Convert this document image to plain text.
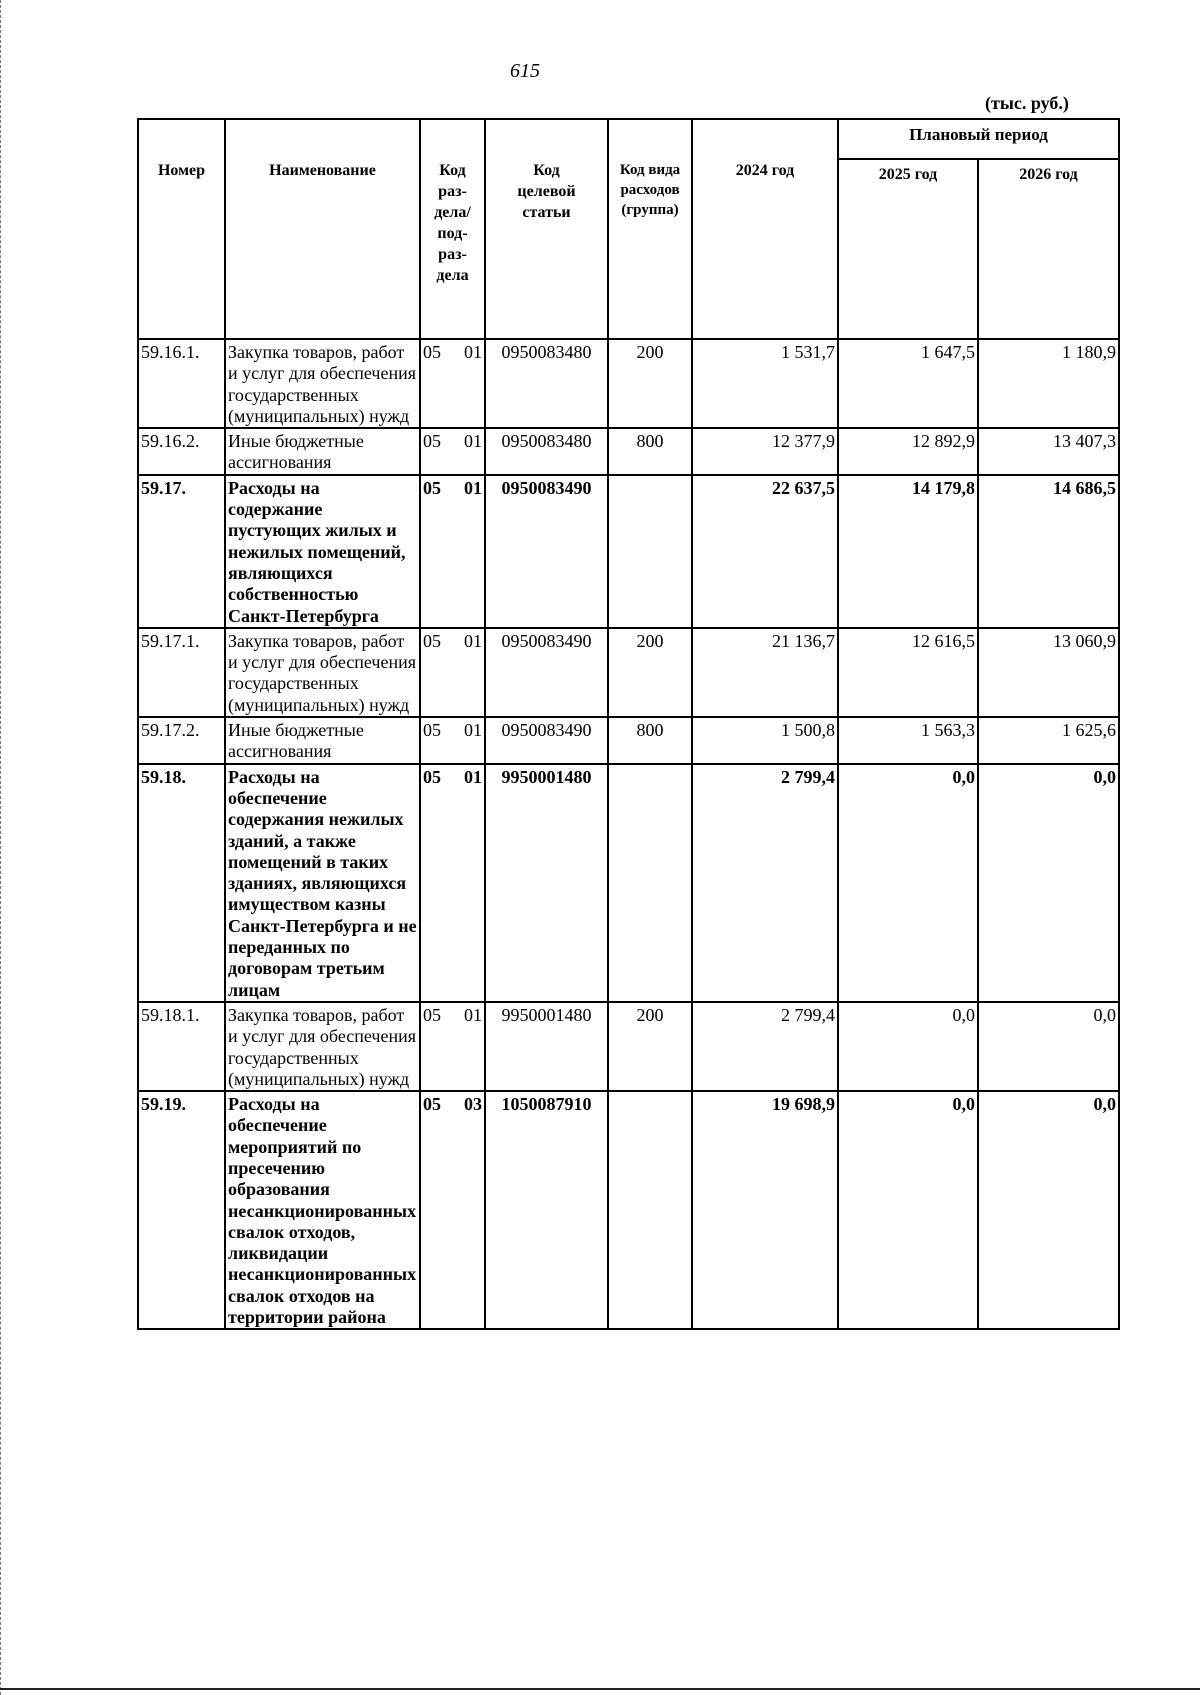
615
(тыс. руб.)
Номер	Наименование	Код раз-дела/ под-раз-дела	Код целевой статьи	Код вида расходов (группа)	2024 год	Плановый период	
						2025 год	2026 год
59.16.1.	Закупка товаров, работ и услуг для обеспечения государственных (муниципальных) нужд	05 01	0950083480	200	1 531,7	1 647,5	1 180,9
59.16.2.	Иные бюджетные ассигнования	05 01	0950083480	800	12 377,9	12 892,9	13 407,3
59.17.	Расходы на содержание пустующих жилых и нежилых помещений, являющихся собственностью Санкт-Петербурга	05 01	0950083490		22 637,5	14 179,8	14 686,5
59.17.1.	Закупка товаров, работ и услуг для обеспечения государственных (муниципальных) нужд	05 01	0950083490	200	21 136,7	12 616,5	13 060,9
59.17.2.	Иные бюджетные ассигнования	05 01	0950083490	800	1 500,8	1 563,3	1 625,6
59.18.	Расходы на обеспечение содержания нежилых зданий, а также помещений в таких зданиях, являющихся имуществом казны Санкт-Петербурга и не переданных по договорам третьим лицам	05 01	9950001480		2 799,4	0,0	0,0
59.18.1.	Закупка товаров, работ и услуг для обеспечения государственных (муниципальных) нужд	05 01	9950001480	200	2 799,4	0,0	0,0
59.19.	Расходы на обеспечение мероприятий по пресечению образования несанкционированных свалок отходов, ликвидации несанкционированных свалок отходов на территории района	05 03	1050087910		19 698,9	0,0	0,0
